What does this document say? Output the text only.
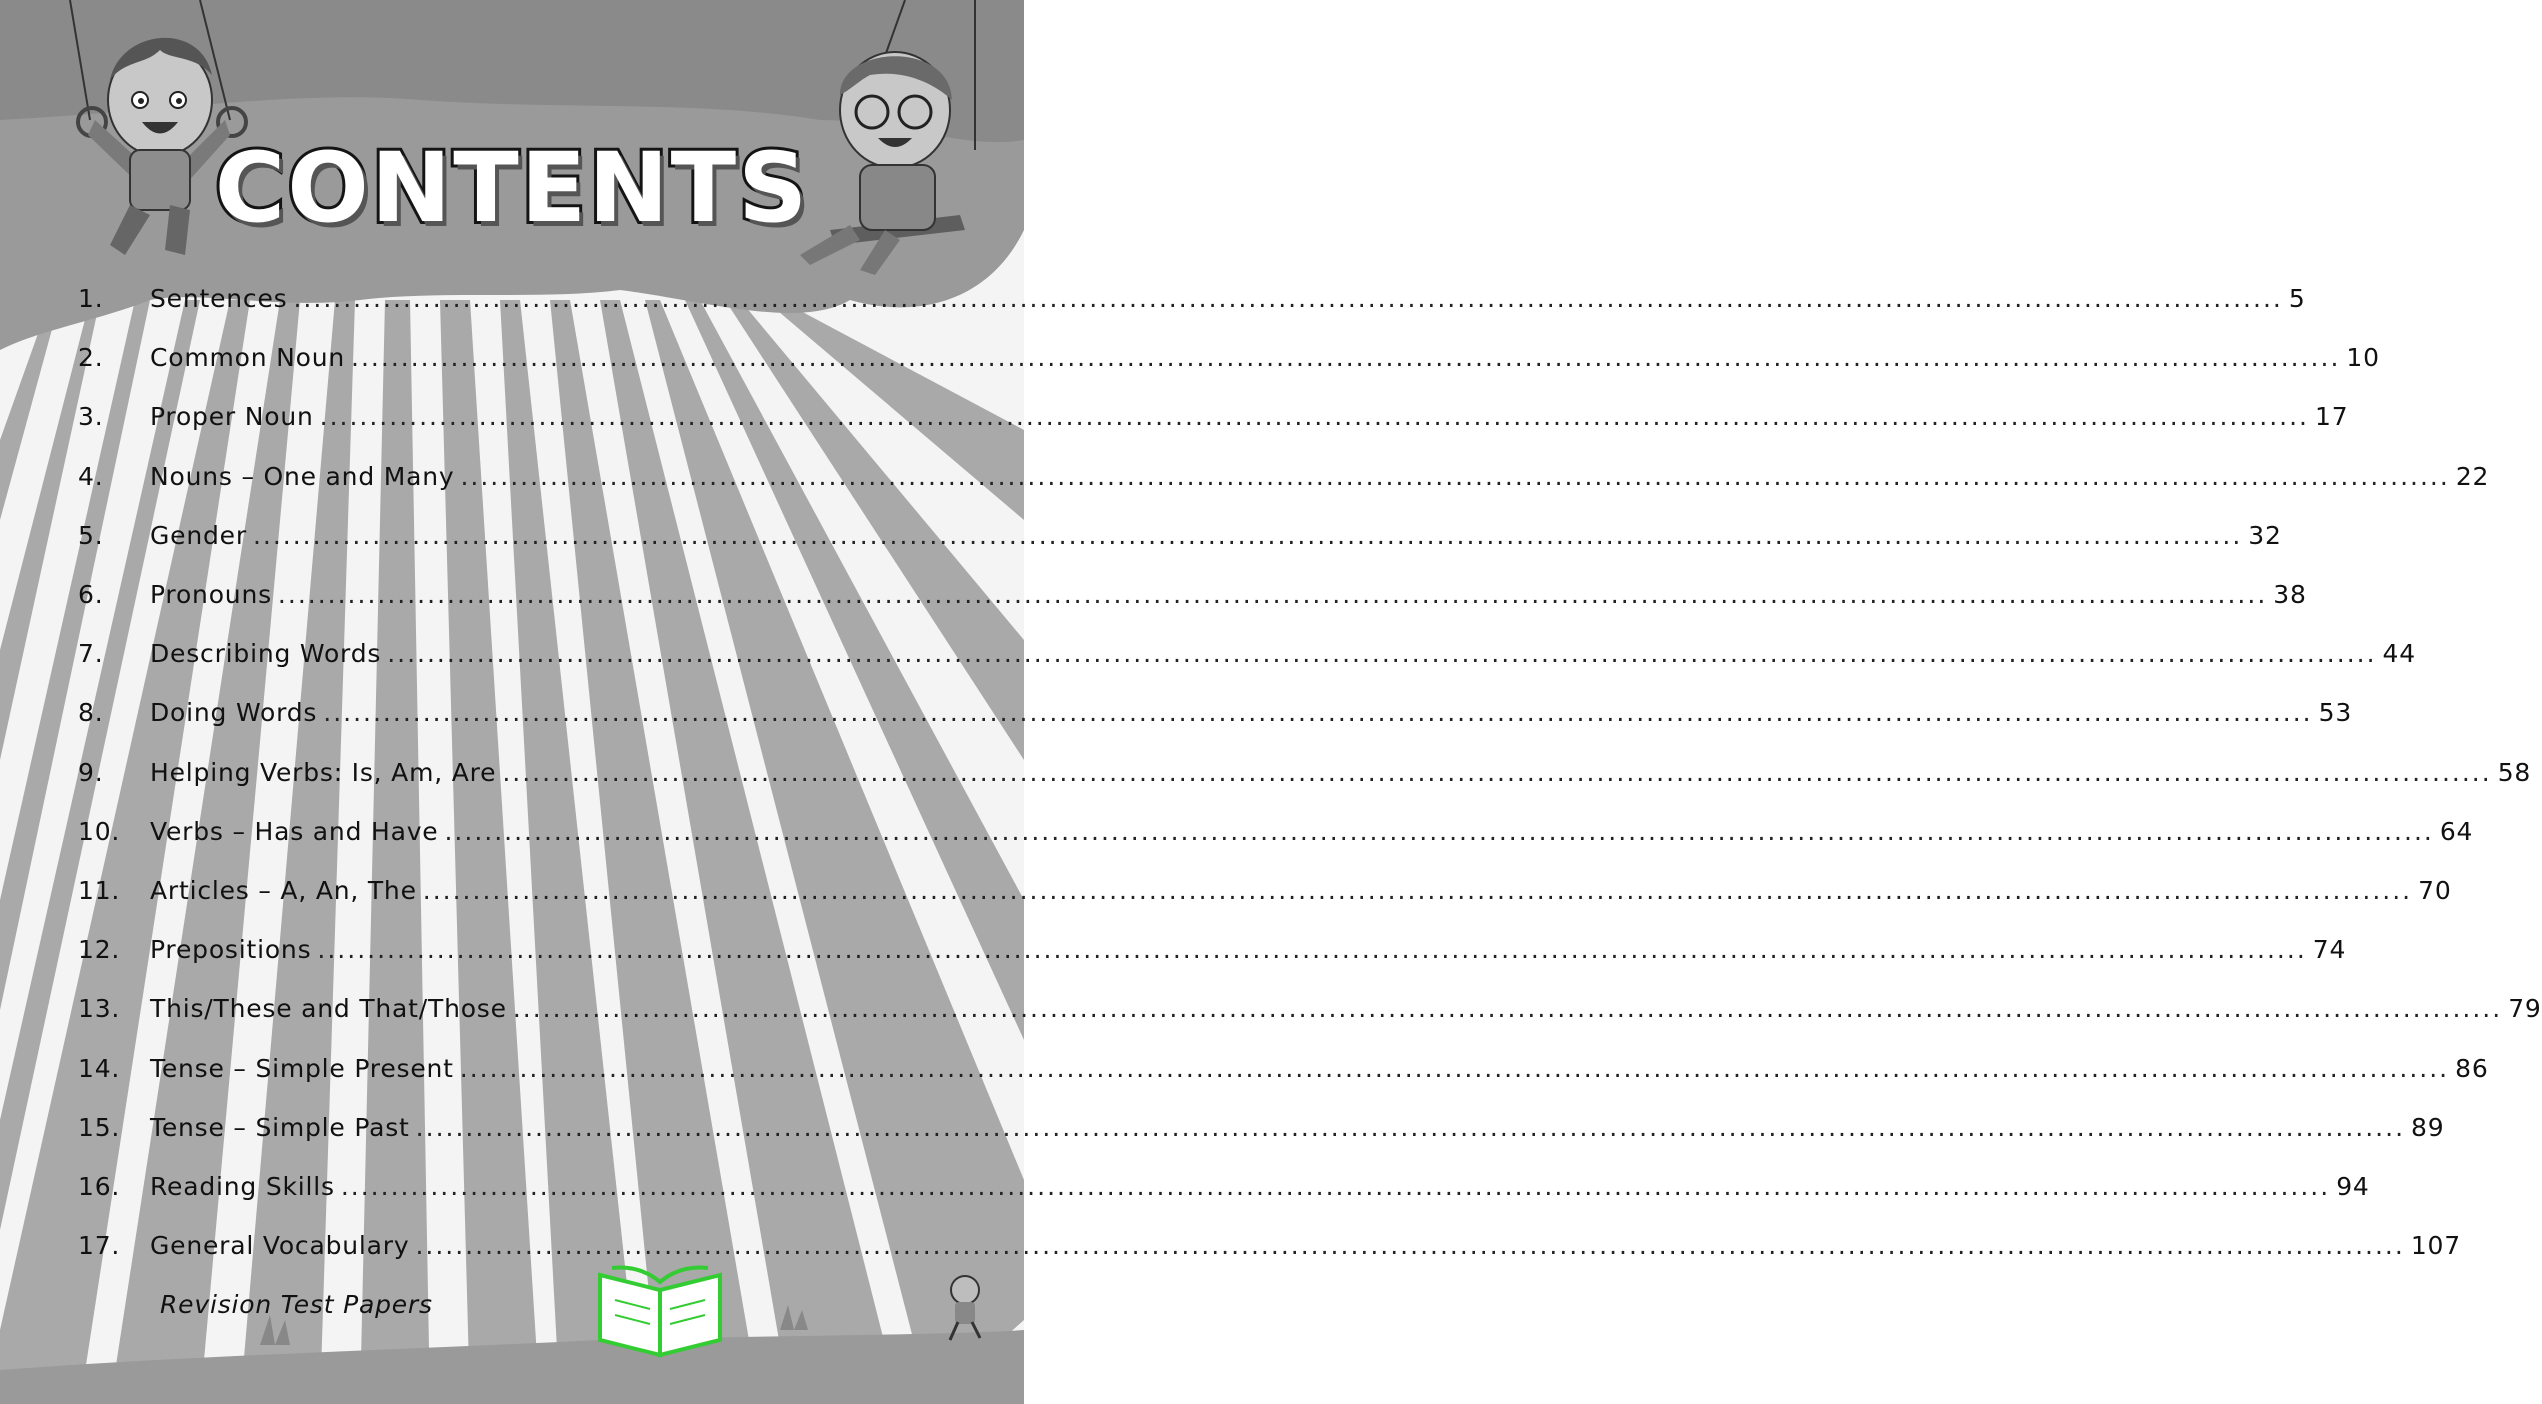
CONTENTS
1.	Sentences ........................................................................................................................................................................................................ 5
2.	Common Noun ........................................................................................................................................................................................................ 10
3.	Proper Noun ........................................................................................................................................................................................................ 17
4.	Nouns – One and Many ........................................................................................................................................................................................................ 22
5.	Gender ........................................................................................................................................................................................................ 32
6.	Pronouns ........................................................................................................................................................................................................ 38
7.	Describing Words ........................................................................................................................................................................................................ 44
8.	Doing Words ........................................................................................................................................................................................................ 53
9.	Helping Verbs: Is, Am, Are ........................................................................................................................................................................................................ 58
10.	Verbs – Has and Have ........................................................................................................................................................................................................ 64
11.	Articles – A, An, The ........................................................................................................................................................................................................ 70
12.	Prepositions ........................................................................................................................................................................................................ 74
13.	This/These and That/Those ........................................................................................................................................................................................................ 79
14.	Tense – Simple Present ........................................................................................................................................................................................................ 86
15.	Tense – Simple Past ........................................................................................................................................................................................................ 89
16.	Reading Skills ........................................................................................................................................................................................................ 94
17.	General Vocabulary ........................................................................................................................................................................................................ 107
Revision Test Papers
